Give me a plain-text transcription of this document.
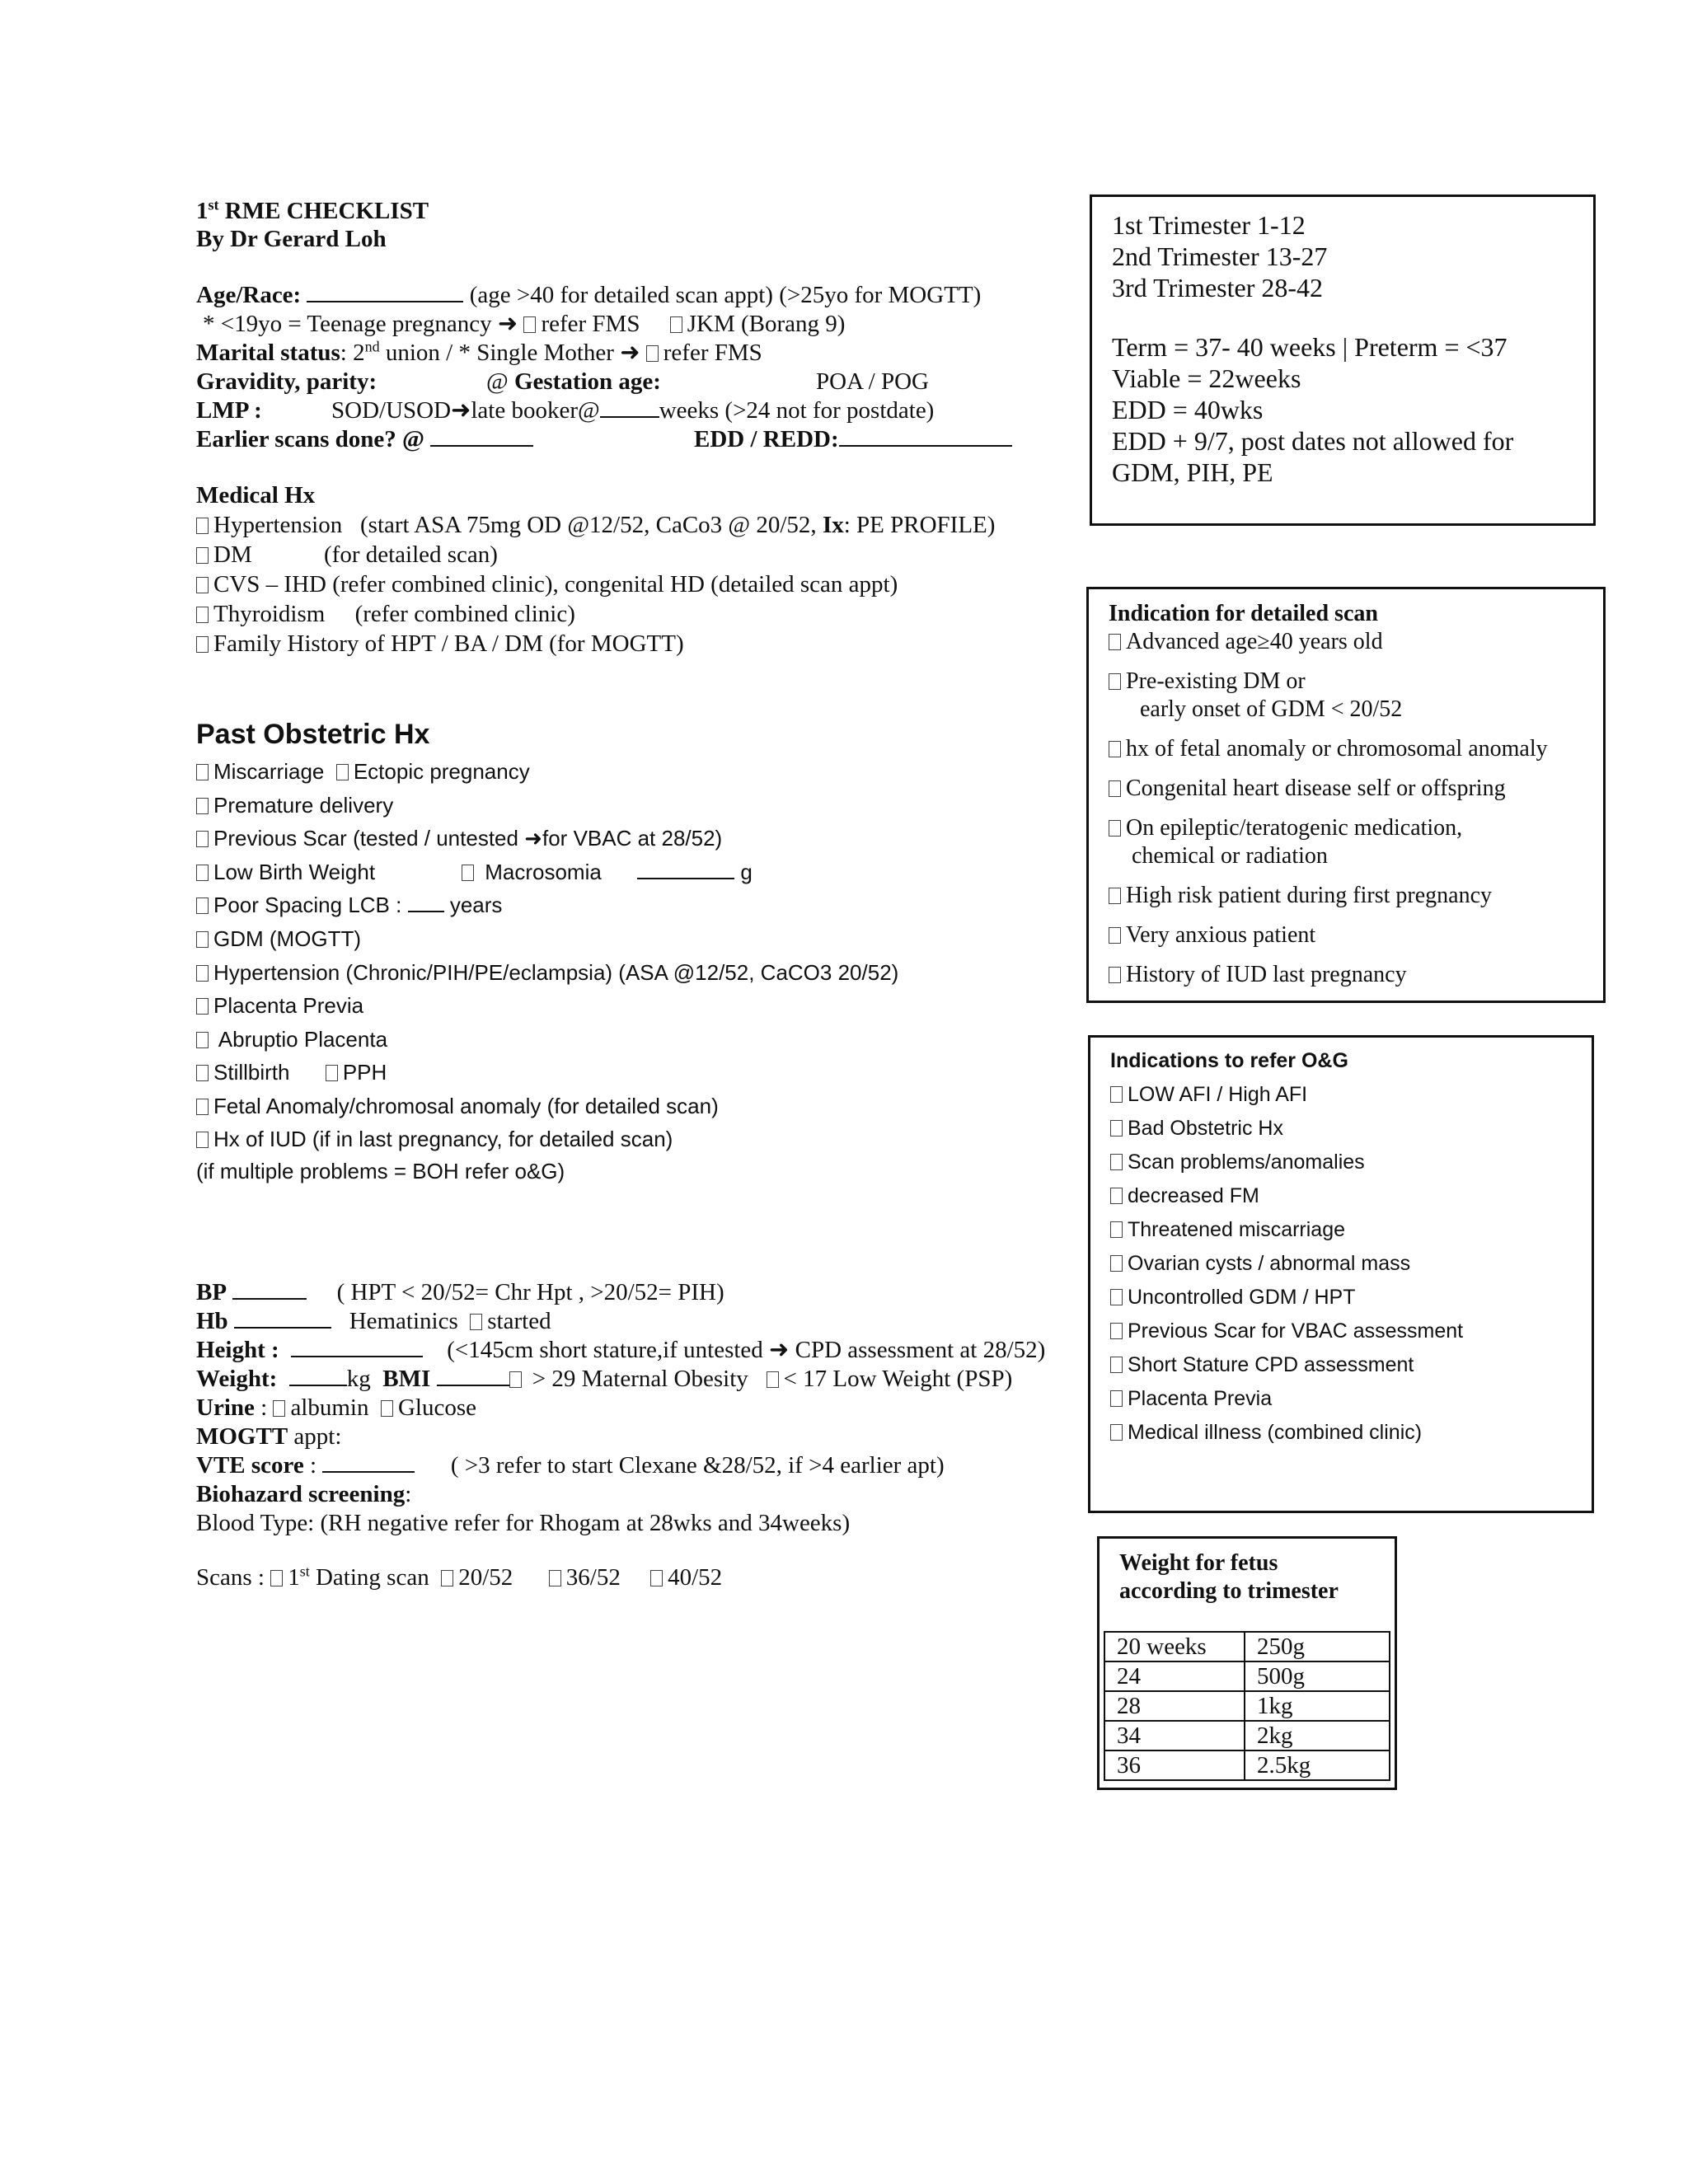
1st RME CHECKLIST
By Dr Gerard Loh
Age/Race:	(age >40 for detailed scan appt) (>25yo for MOGTT)
* <19yo = Teenage pregnancy ➜ refer FMS JKM (Borang 9)
Marital status: 2nd union / * Single Mother ➜ refer FMS
Gravidity, parity:	@ Gestation age:	POA / POG
LMP :	SOD/USOD➜late booker@ weeks (>24 not for postdate)
Earlier scans done? @	EDD / REDD:
Medical Hx
Hypertension (start ASA 75mg OD @12/52, CaCo3 @ 20/52, Ix: PE PROFILE)
DM	(for detailed scan)
CVS – IHD (refer combined clinic), congenital HD (detailed scan appt)
Thyroidism (refer combined clinic)
Family History of HPT / BA / DM (for MOGTT)
Past Obstetric Hx
Miscarriage Ectopic pregnancy
Premature delivery
Previous Scar (tested / untested ➜for VBAC at 28/52)
Low Birth Weight	Macrosomia	g
Poor Spacing LCB : years
GDM (MOGTT)
Hypertension (Chronic/PIH/PE/eclampsia) (ASA @12/52, CaCO3 20/52)
Placenta Previa
Abruptio Placenta
Stillbirth PPH
Fetal Anomaly/chromosal anomaly (for detailed scan)
Hx of IUD (if in last pregnancy, for detailed scan)
(if multiple problems = BOH refer o&G)
BP	( HPT < 20/52= Chr Hpt , >20/52= PIH)
Hb	Hematinics started
Height :	(<145cm short stature,if untested ➜ CPD assessment at 28/52)
Weight:	kg BMI	> 29 Maternal Obesity < 17 Low Weight (PSP)
Urine : albumin Glucose
MOGTT appt:
VTE score :	( >3 refer to start Clexane &28/52, if >4 earlier apt)
Biohazard screening:
Blood Type: (RH negative refer for Rhogam at 28wks and 34weeks)
Scans : 1st Dating scan 20/52 36/52 40/52
1st Trimester 1-12
2nd Trimester 13-27
3rd Trimester 28-42
Term = 37- 40 weeks | Preterm = <37
Viable = 22weeks
EDD = 40wks
EDD + 9/7, post dates not allowed for
GDM, PIH, PE
Indication for detailed scan
Advanced age≥40 years old
Pre-existing DM or
early onset of GDM < 20/52
hx of fetal anomaly or chromosomal anomaly
Congenital heart disease self or offspring
On epileptic/teratogenic medication,
chemical or radiation
High risk patient during first pregnancy
Very anxious patient
History of IUD last pregnancy
Indications to refer O&G
LOW AFI / High AFI
Bad Obstetric Hx
Scan problems/anomalies
decreased FM
Threatened miscarriage
Ovarian cysts / abnormal mass
Uncontrolled GDM / HPT
Previous Scar for VBAC assessment
Short Stature CPD assessment
Placenta Previa
Medical illness (combined clinic)
Weight for fetus
according to trimester
20 weeks	250g
24	500g
28	1kg
34	2kg
36	2.5kg
